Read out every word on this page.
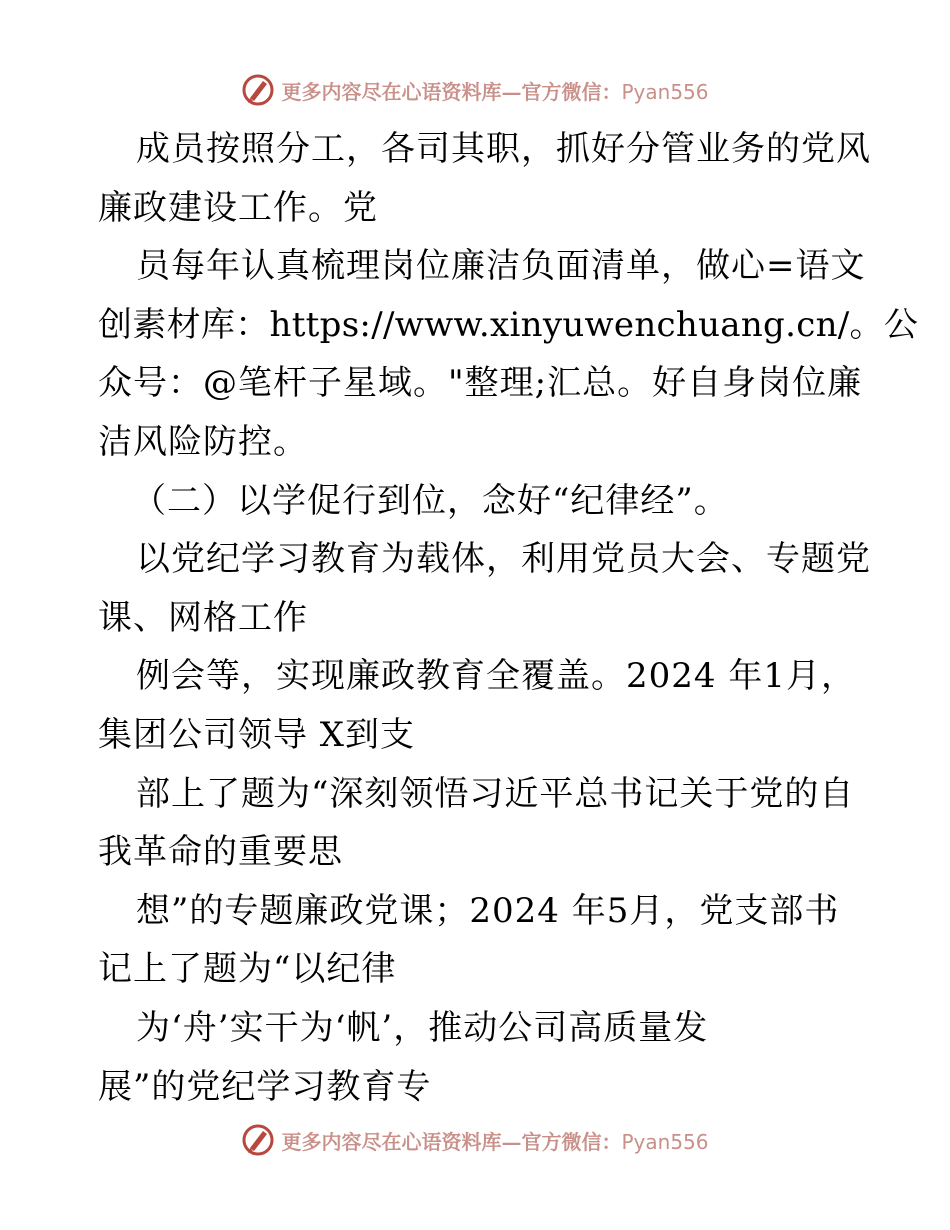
更多内容尽在心语资料库—官方微信：Pyan556
成员按照分工，各司其职，抓好分管业务的党风
廉政建设工作。党
员每年认真梳理岗位廉洁负面清单，做心=语文
创素材库：https://www.xinyuwenchuang.cn/。公
众号：@笔杆子星域。"整理;汇总。好自身岗位廉
洁风险防控。
（二）以学促行到位，念好“纪律经”。
以党纪学习教育为载体，利用党员大会、专题党
课、网格工作
例会等，实现廉政教育全覆盖。2024 年1月，
集团公司领导 X到支
部上了题为“深刻领悟习近平总书记关于党的自
我革命的重要思
想”的专题廉政党课；2024 年5月，党支部书
记上了题为“以纪律
为‘舟’实干为‘帆’，推动公司高质量发
展”的党纪学习教育专
更多内容尽在心语资料库—官方微信：Pyan556
